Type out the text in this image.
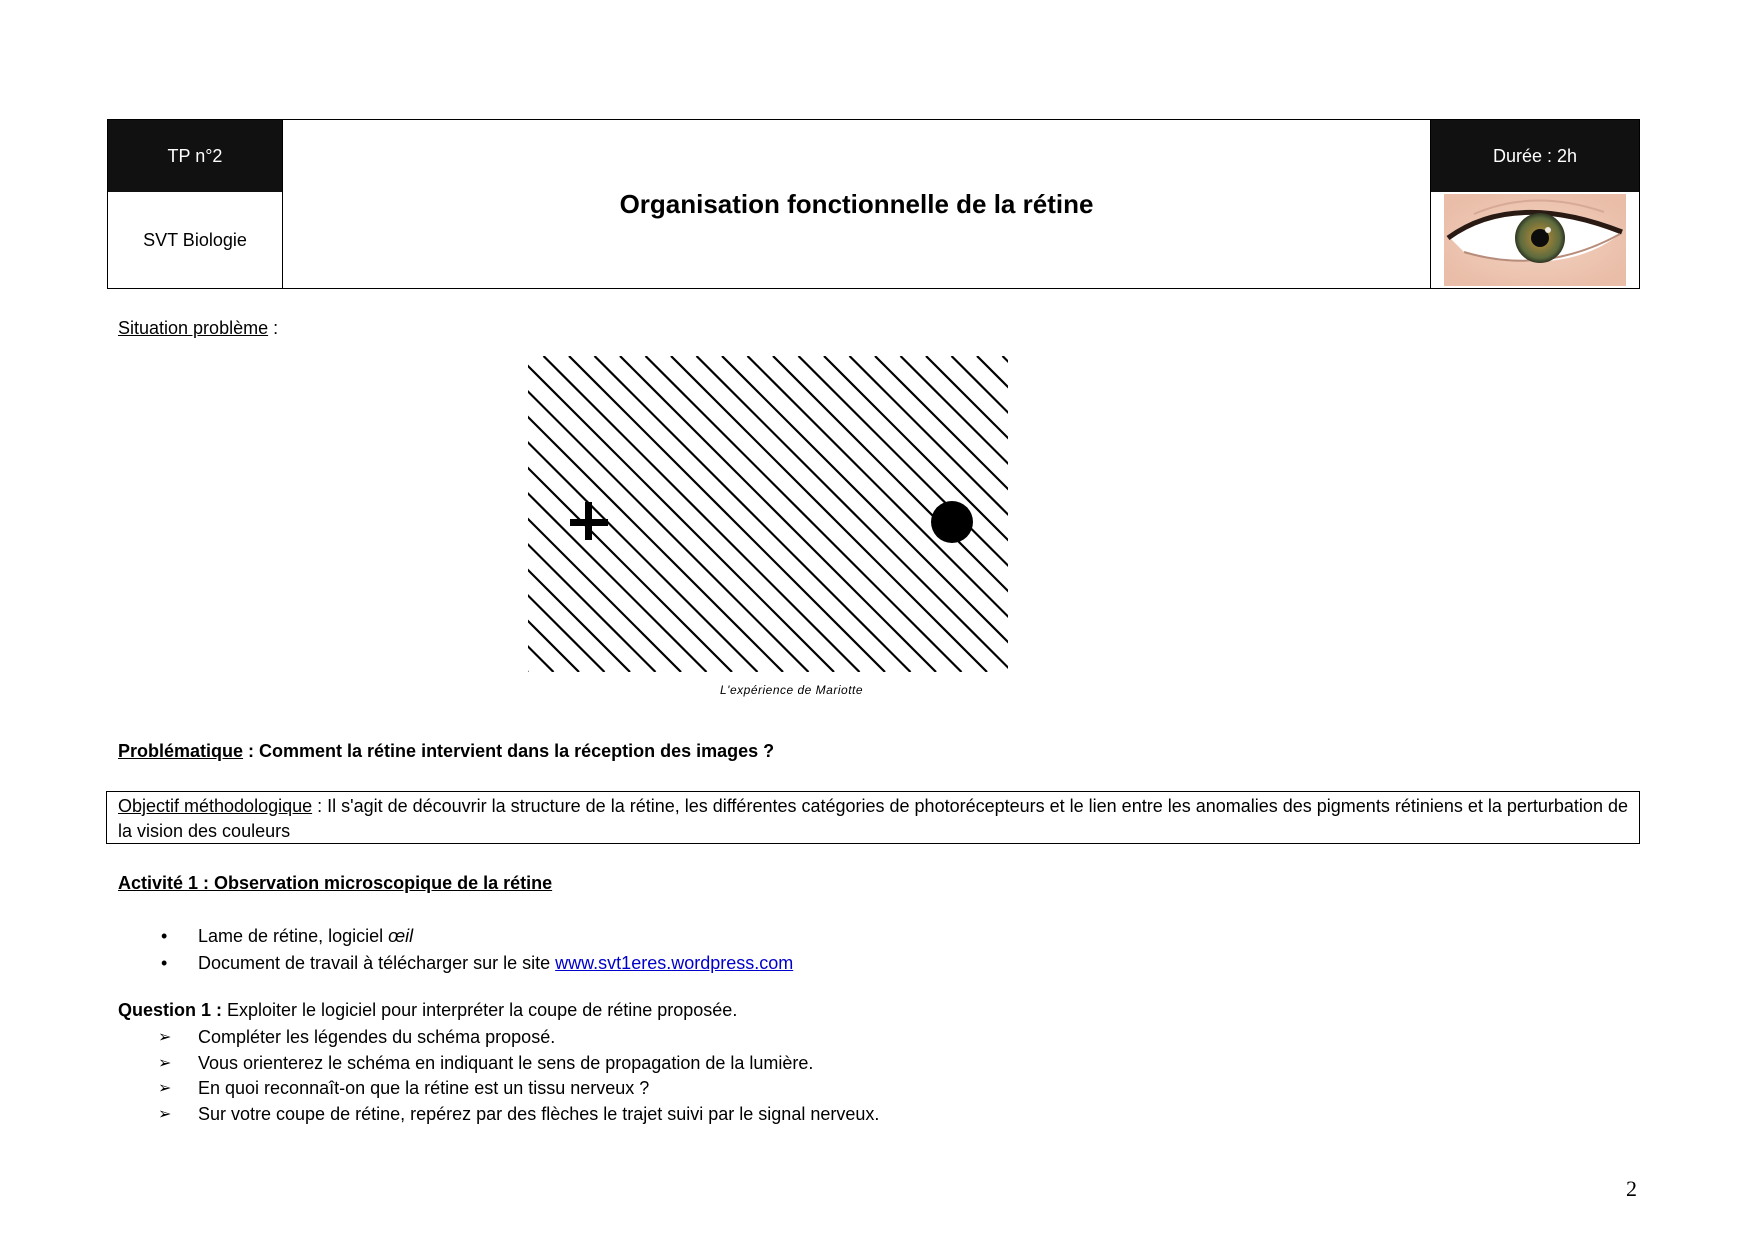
TP n°2
SVT Biologie
Organisation fonctionnelle de la rétine
Durée : 2h
Situation problème :
L'expérience de Mariotte
Problématique : Comment la rétine intervient dans la réception des images ?
Objectif méthodologique : Il s'agit de découvrir la structure de la rétine, les différentes catégories de photorécepteurs et le lien entre les anomalies des pigments rétiniens et la perturbation de la vision des couleurs
Activité 1 : Observation microscopique de la rétine
• Lame de rétine, logiciel œil
• Document de travail à télécharger sur le site www.svt1eres.wordpress.com
Question 1 : Exploiter le logiciel pour interpréter la coupe de rétine proposée.
➢ Compléter les légendes du schéma proposé.
➢ Vous orienterez le schéma en indiquant le sens de propagation de la lumière.
➢ En quoi reconnaît-on que la rétine est un tissu nerveux ?
➢ Sur votre coupe de rétine, repérez par des flèches le trajet suivi par le signal nerveux.
2
